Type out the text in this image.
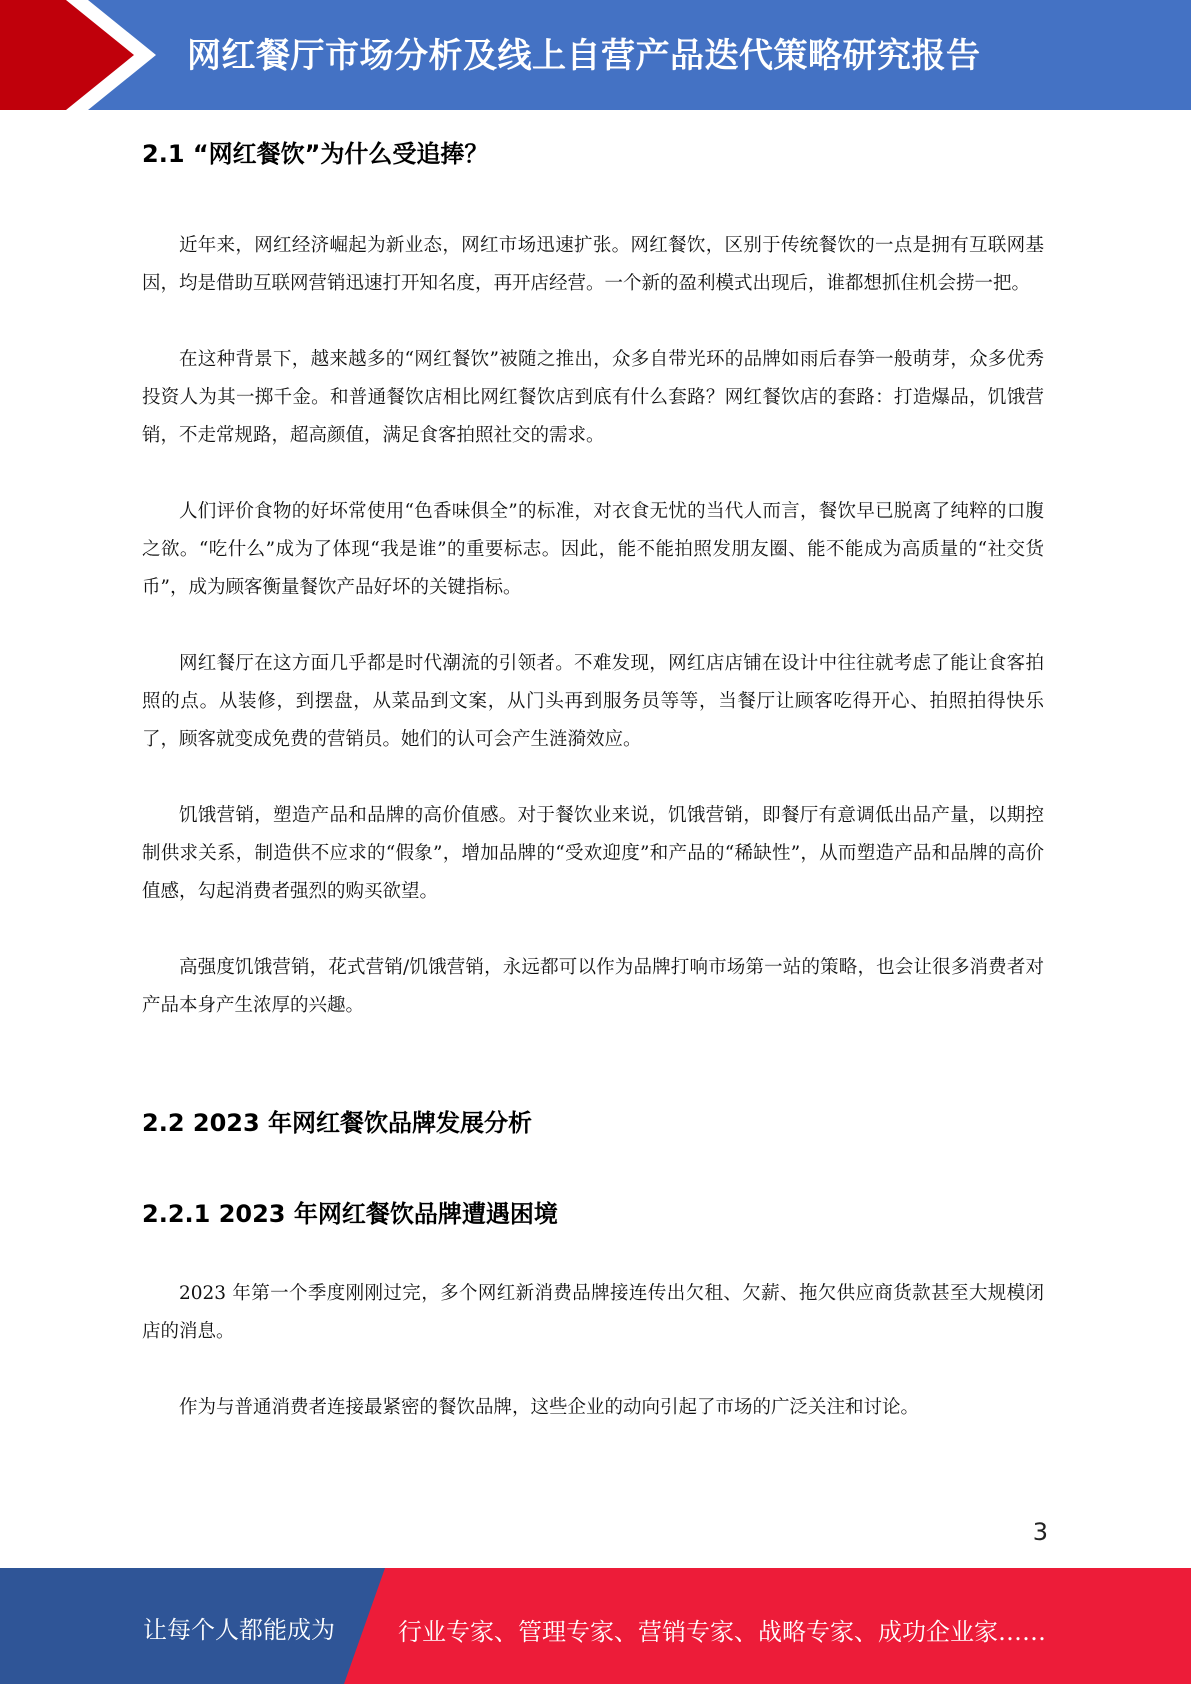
网红餐厅市场分析及线上自营产品迭代策略研究报告
2.1 “网红餐饮”为什么受追捧？

近年来，网红经济崛起为新业态，网红市场迅速扩张。网红餐饮，区别于传统餐饮的一点是拥有互联网基因，均是借助互联网营销迅速打开知名度，再开店经营。一个新的盈利模式出现后，谁都想抓住机会捞一把。

在这种背景下，越来越多的“网红餐饮”被随之推出，众多自带光环的品牌如雨后春笋一般萌芽，众多优秀投资人为其一掷千金。和普通餐饮店相比网红餐饮店到底有什么套路？网红餐饮店的套路：打造爆品，饥饿营销，不走常规路，超高颜值，满足食客拍照社交的需求。

人们评价食物的好坏常使用“色香味俱全”的标准，对衣食无忧的当代人而言，餐饮早已脱离了纯粹的口腹之欲。“吃什么”成为了体现“我是谁”的重要标志。因此，能不能拍照发朋友圈、能不能成为高质量的“社交货币”，成为顾客衡量餐饮产品好坏的关键指标。

网红餐厅在这方面几乎都是时代潮流的引领者。不难发现，网红店店铺在设计中往往就考虑了能让食客拍照的点。从装修，到摆盘，从菜品到文案，从门头再到服务员等等，当餐厅让顾客吃得开心、拍照拍得快乐了，顾客就变成免费的营销员。她们的认可会产生涟漪效应。

饥饿营销，塑造产品和品牌的高价值感。对于餐饮业来说，饥饿营销，即餐厅有意调低出品产量，以期控制供求关系，制造供不应求的“假象”，增加品牌的“受欢迎度”和产品的“稀缺性”，从而塑造产品和品牌的高价值感，勾起消费者强烈的购买欲望。

高强度饥饿营销，花式营销/饥饿营销，永远都可以作为品牌打响市场第一站的策略，也会让很多消费者对产品本身产生浓厚的兴趣。

2.2 2023 年网红餐饮品牌发展分析
2.2.1 2023 年网红餐饮品牌遭遇困境

2023 年第一个季度刚刚过完，多个网红新消费品牌接连传出欠租、欠薪、拖欠供应商货款甚至大规模闭店的消息。

作为与普通消费者连接最紧密的餐饮品牌，这些企业的动向引起了市场的广泛关注和讨论。

3
让每个人都能成为	行业专家、管理专家、营销专家、战略专家、成功企业家……
